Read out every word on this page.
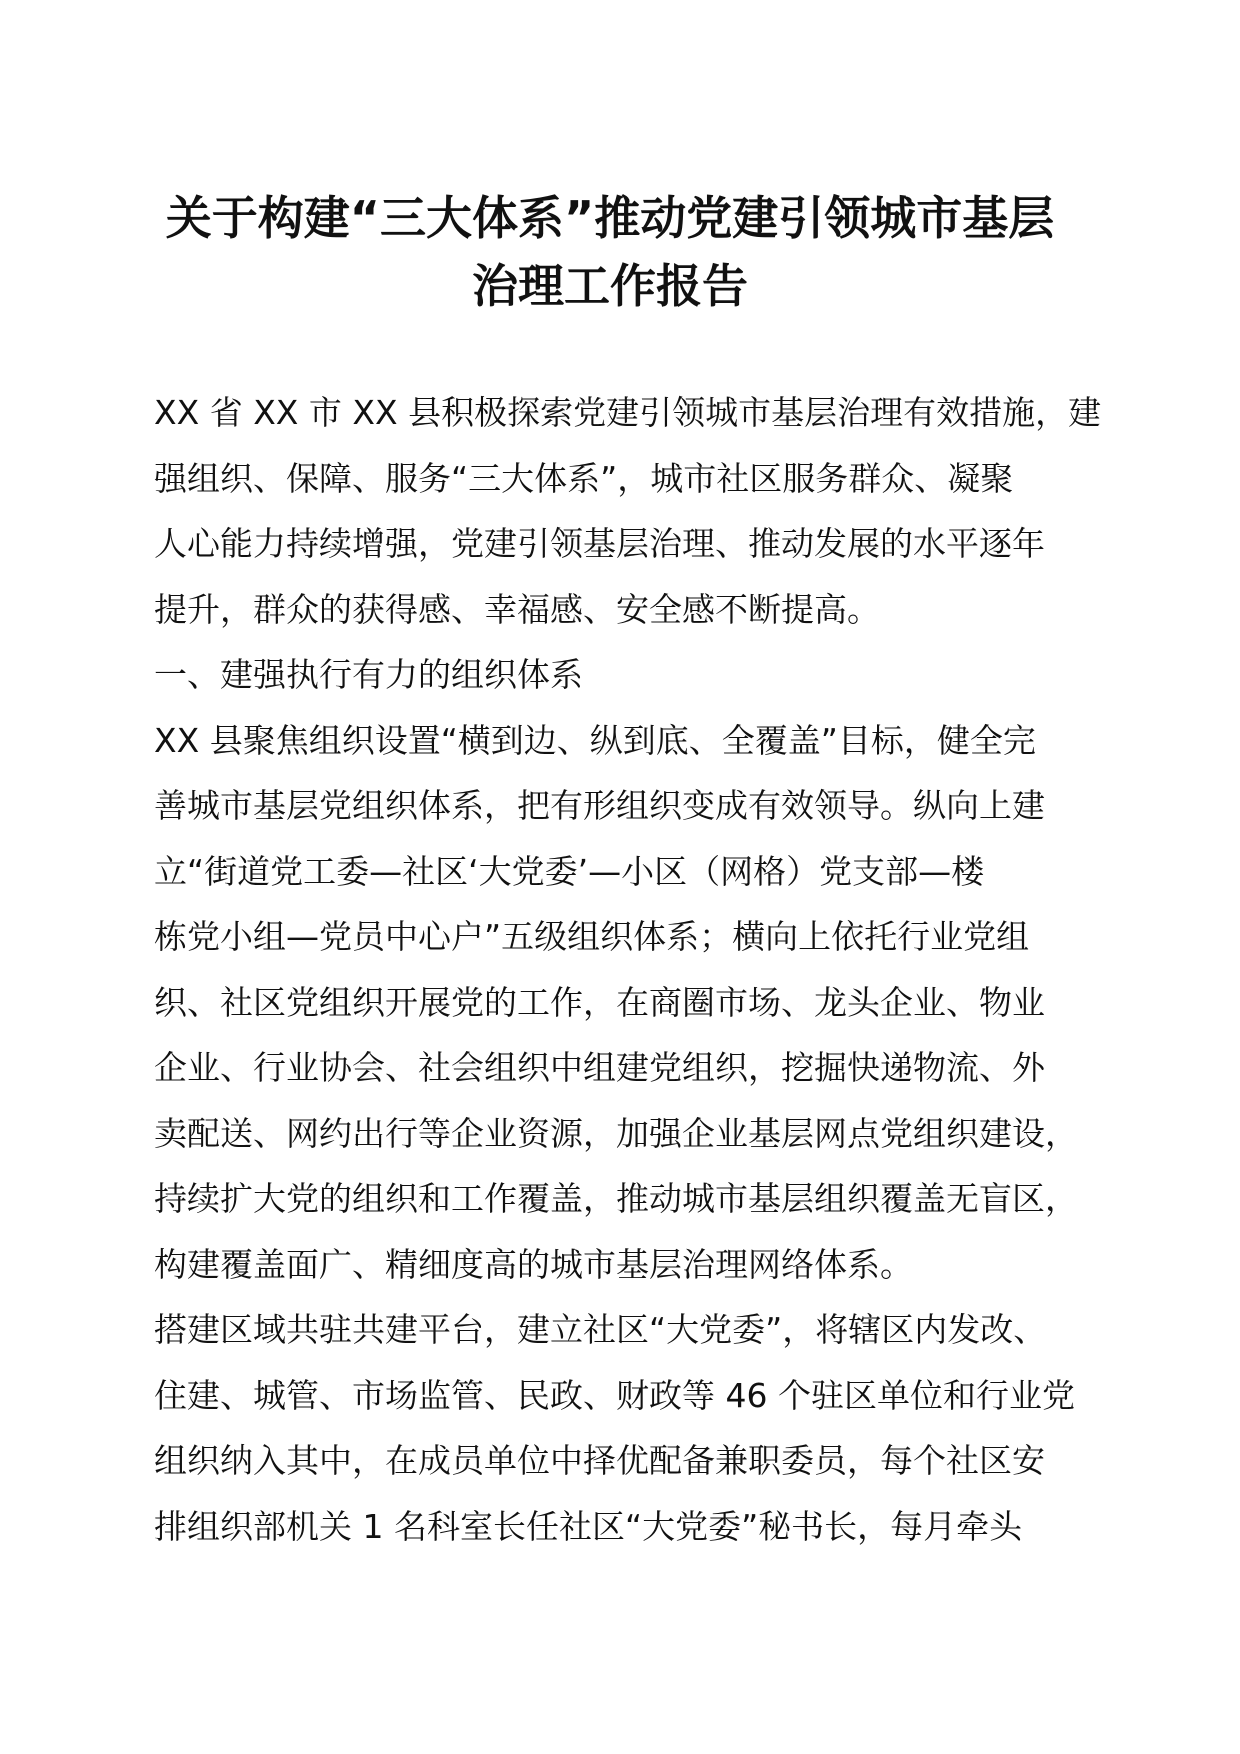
关于构建“三大体系”推动党建引领城市基层
治理工作报告
XX 省 XX 市 XX 县积极探索党建引领城市基层治理有效措施，建
强组织、保障、服务“三大体系”，城市社区服务群众、凝聚
人心能力持续增强，党建引领基层治理、推动发展的水平逐年
提升，群众的获得感、幸福感、安全感不断提高。
一、建强执行有力的组织体系
XX 县聚焦组织设置“横到边、纵到底、全覆盖”目标，健全完
善城市基层党组织体系，把有形组织变成有效领导。纵向上建
立“街道党工委—社区‘大党委’—小区（网格）党支部—楼
栋党小组—党员中心户”五级组织体系；横向上依托行业党组
织、社区党组织开展党的工作，在商圈市场、龙头企业、物业
企业、行业协会、社会组织中组建党组织，挖掘快递物流、外
卖配送、网约出行等企业资源，加强企业基层网点党组织建设，
持续扩大党的组织和工作覆盖，推动城市基层组织覆盖无盲区，
构建覆盖面广、精细度高的城市基层治理网络体系。
搭建区域共驻共建平台，建立社区“大党委”，将辖区内发改、
住建、城管、市场监管、民政、财政等 46 个驻区单位和行业党
组织纳入其中，在成员单位中择优配备兼职委员，每个社区安
排组织部机关 1 名科室长任社区“大党委”秘书长，每月牵头
